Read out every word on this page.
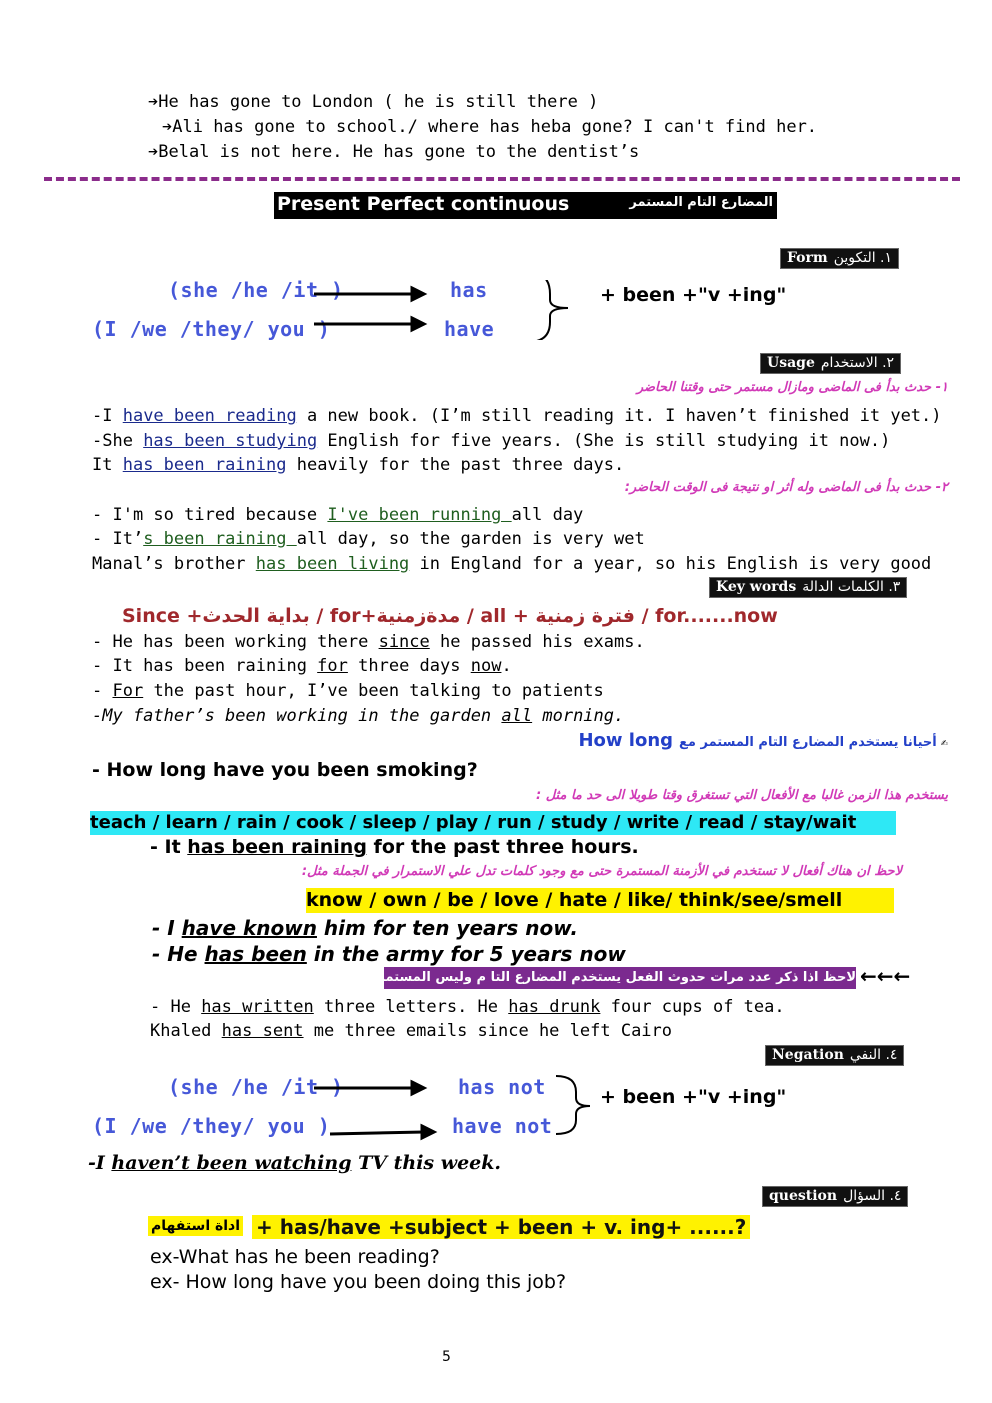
➔He has gone to London ( he is still there )
➔Ali has gone to school./ where has heba gone? I can't find her.
➔Belal is not here. He has gone to the dentist’s
Present Perfect continuous	المضارع التام المستمر
Form ١. التكوين
(she /he /it )
(I /we /they/ you )
has
have
+ been +"v +ing"
Usage ٢. الاستخدام
١- حدث بدأ فى الماضى ومازال مستمر حتى وقتنا الحاضر
-I have been reading a new book. (I’m still reading it. I haven’t finished it yet.)
-She has been studying English for five years. (She is still studying it now.)
It has been raining heavily for the past three days.
٢- حدث بدأ فى الماضى وله أثر او نتيجة فى الوقت الحاضر:
- I'm so tired because I've been running all day
- It’s been raining all day, so the garden is very wet
Manal’s brother has been living in England for a year, so his English is very good
Key words ٣. الكلمات الدالة
Since +بداية الحدث / for+مدةزمنية / all + فترة زمنية / for.......now
- He has been working there since he passed his exams.
- It has been raining for three days now.
- For the past hour, I’ve been talking to patients
-My father’s been working in the garden all morning.
How long أحيانا يستخدم المضارع التام المستمر مع ✍
- How long have you been smoking?
يستخدم هذا الزمن غالبا مع الأفعال التي تستغرق وقتا طويلا الى حد ما مثل :
teach / learn / rain / cook / sleep / play / run / study / write / read / stay/wait
- It has been raining for the past three hours.
لاحظ ان هناك أفعال لا تستخدم في الأزمنة المستمرة حتى مع وجود كلمات تدل علي الاستمرار في الجملة مثل:
know / own / be / love / hate / like/ think/see/smell
- I have known him for ten years now.
- He has been in the army for 5 years now
لاحظ اذا ذكر عدد مرات حدوث الفعل يستخدم المضارع التا م وليس المستمر ←←←
- He has written three letters. He has drunk four cups of tea.
Khaled has sent me three emails since he left Cairo
Negation ٤. النفي
(she /he /it )
(I /we /they/ you )
has not
have not
+ been +"v +ing"
-I haven’t been watching TV this week.
question ٤. السؤال
اداة استفهام + has/have +subject + been + v. ing+ ......?
ex-What has he been reading?
ex- How long have you been doing this job?
5
